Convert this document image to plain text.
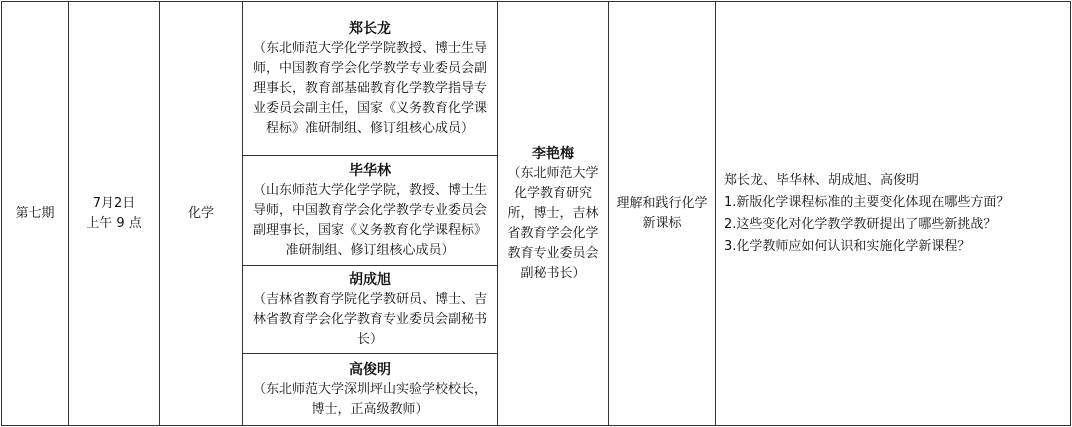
第七期
7月2日
上午 9 点
化学
郑长龙
（东北师范大学化学学院教授、博士生导师，中国教育学会化学教学专业委员会副理事长，教育部基础教育化学教学指导专业委员会副主任，国家《义务教育化学课程标》准研制组、修订组核心成员）
毕华林
（山东师范大学化学学院，教授、博士生导师，中国教育学会化学教学专业委员会副理事长，国家《义务教育化学课程标》准研制组、修订组核心成员）
胡成旭
（吉林省教育学院化学教研员、博士、吉林省教育学会化学教育专业委员会副秘书长）
高俊明
（东北师范大学深圳坪山实验学校校长，博士，正高级教师）
李艳梅
（东北师范大学化学教育研究所，博士，吉林省教育学会化学教育专业委员会副秘书长）
理解和践行化学新课标
郑长龙、毕华林、胡成旭、高俊明
1.新版化学课程标准的主要变化体现在哪些方面？
2.这些变化对化学教学教研提出了哪些新挑战？
3.化学教师应如何认识和实施化学新课程？
